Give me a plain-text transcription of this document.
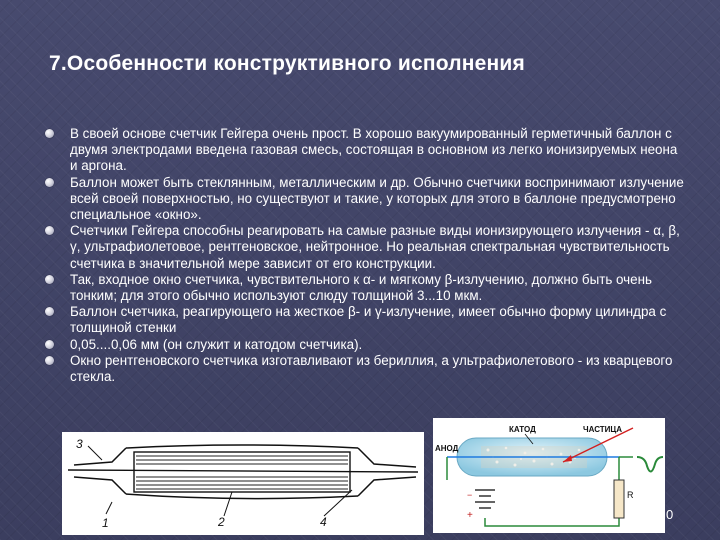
7.Особенности конструктивного исполнения
В своей основе счетчик Гейгера очень прост. В хорошо вакуумированный герметичный баллон с двумя электродами введена газовая смесь, состоящая в основном из легко ионизируемых неона и аргона.
Баллон может быть стеклянным, металлическим и др. Обычно счетчики воспринимают излучение всей своей поверхностью, но существуют и такие, у которых для этого в баллоне предусмотрено специальное «окно».
Счетчики Гейгера способны реагировать на самые разные виды ионизирующего излучения - α, β, γ, ультрафиолетовое, рентгеновское, нейтронное. Но реальная спектральная чувствительность счетчика в значительной мере зависит от его конструкции.
Так, входное окно счетчика, чувствительного к α- и мягкому β-излучению, должно быть очень тонким; для этого обычно используют слюду толщиной 3...10 мкм.
Баллон счетчика, реагирующего на жесткое β- и γ-излучение, имеет обычно форму цилиндра с толщиной стенки
0,05....0,06 мм (он служит и катодом счетчика).
Окно рентгеновского счетчика изготавливают из бериллия, а ультрафиолетового - из кварцевого стекла.
3
1	2	4
−
+
R
АНОД
КАТОД	ЧАСТИЦА
0
